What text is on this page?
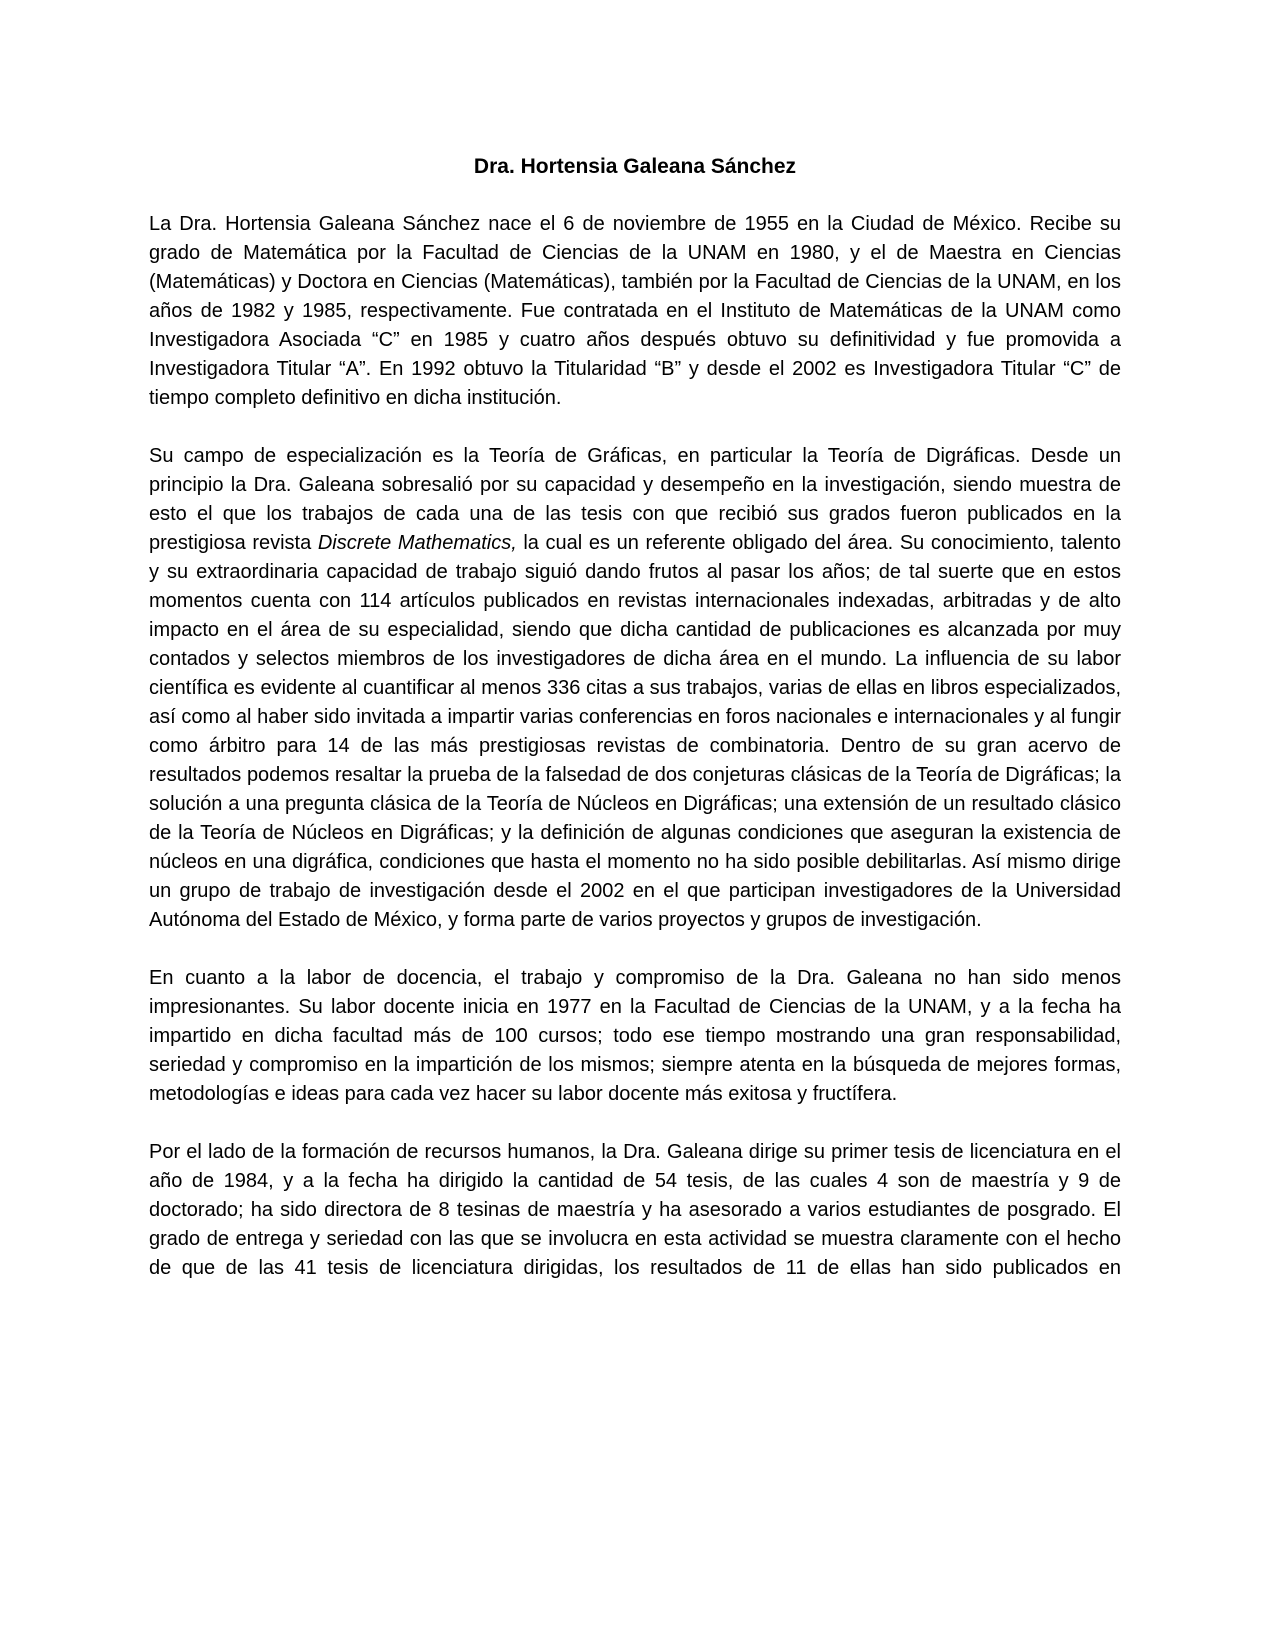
Dra. Hortensia Galeana Sánchez

La Dra. Hortensia Galeana Sánchez nace el 6 de noviembre de 1955 en la Ciudad de México. Recibe su grado de Matemática por la Facultad de Ciencias de la UNAM en 1980, y el de Maestra en Ciencias (Matemáticas) y Doctora en Ciencias (Matemáticas), también por la Facultad de Ciencias de la UNAM, en los años de 1982 y 1985, respectivamente. Fue contratada en el Instituto de Matemáticas de la UNAM como Investigadora Asociada “C” en 1985 y cuatro años después obtuvo su definitividad y fue promovida a Investigadora Titular “A”. En 1992 obtuvo la Titularidad “B” y desde el 2002 es Investigadora Titular “C” de tiempo completo definitivo en dicha institución.

Su campo de especialización es la Teoría de Gráficas, en particular la Teoría de Digráficas. Desde un principio la Dra. Galeana sobresalió por su capacidad y desempeño en la investigación, siendo muestra de esto el que los trabajos de cada una de las tesis con que recibió sus grados fueron publicados en la prestigiosa revista Discrete Mathematics, la cual es un referente obligado del área. Su conocimiento, talento y su extraordinaria capacidad de trabajo siguió dando frutos al pasar los años; de tal suerte que en estos momentos cuenta con 114 artículos publicados en revistas internacionales indexadas, arbitradas y de alto impacto en el área de su especialidad, siendo que dicha cantidad de publicaciones es alcanzada por muy contados y selectos miembros de los investigadores de dicha área en el mundo. La influencia de su labor científica es evidente al cuantificar al menos 336 citas a sus trabajos, varias de ellas en libros especializados, así como al haber sido invitada a impartir varias conferencias en foros nacionales e internacionales y al fungir como árbitro para 14 de las más prestigiosas revistas de combinatoria. Dentro de su gran acervo de resultados podemos resaltar la prueba de la falsedad de dos conjeturas clásicas de la Teoría de Digráficas; la solución a una pregunta clásica de la Teoría de Núcleos en Digráficas; una extensión de un resultado clásico de la Teoría de Núcleos en Digráficas; y la definición de algunas condiciones que aseguran la existencia de núcleos en una digráfica, condiciones que hasta el momento no ha sido posible debilitarlas. Así mismo dirige un grupo de trabajo de investigación desde el 2002 en el que participan investigadores de la Universidad Autónoma del Estado de México, y forma parte de varios proyectos y grupos de investigación.

En cuanto a la labor de docencia, el trabajo y compromiso de la Dra. Galeana no han sido menos impresionantes. Su labor docente inicia en 1977 en la Facultad de Ciencias de la UNAM, y a la fecha ha impartido en dicha facultad más de 100 cursos; todo ese tiempo mostrando una gran responsabilidad, seriedad y compromiso en la impartición de los mismos; siempre atenta en la búsqueda de mejores formas, metodologías e ideas para cada vez hacer su labor docente más exitosa y fructífera.

Por el lado de la formación de recursos humanos, la Dra. Galeana dirige su primer tesis de licenciatura en el año de 1984, y a la fecha ha dirigido la cantidad de 54 tesis, de las cuales 4 son de maestría y 9 de doctorado; ha sido directora de 8 tesinas de maestría y ha asesorado a varios estudiantes de posgrado. El grado de entrega y seriedad con las que se involucra en esta actividad se muestra claramente con el hecho de que de las 41 tesis de licenciatura dirigidas, los resultados de 11 de ellas han sido publicados en
